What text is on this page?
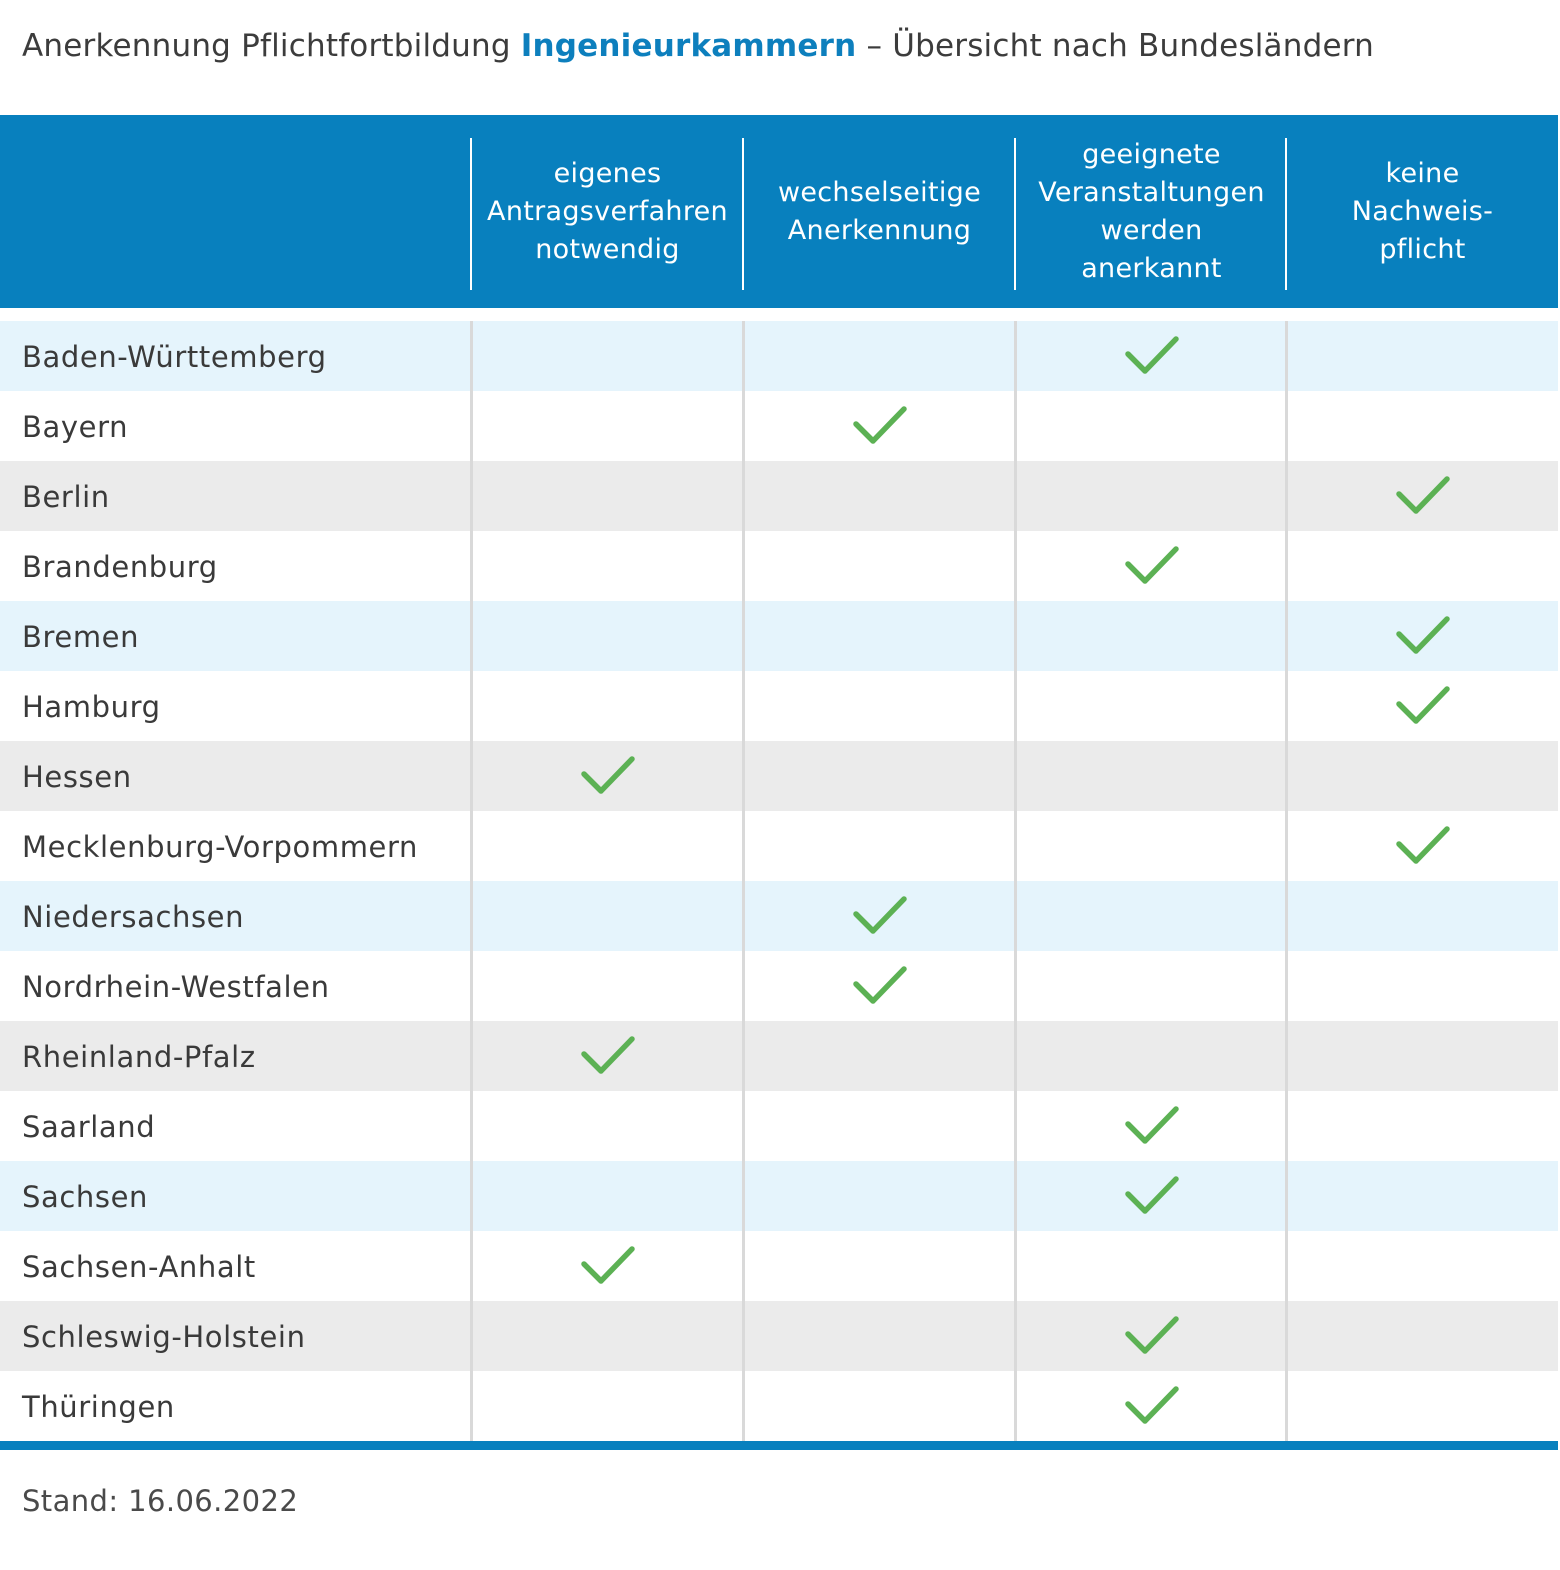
Anerkennung Pflichtfortbildung Ingenieurkammern – Übersicht nach Bundesländern
eigenes
Antragsverfahren
notwendig
wechselseitige
Anerkennung
geeignete
Veranstaltungen
werden
anerkannt
keine
Nachweis-
pflicht
Baden-Württemberg
Bayern
Berlin
Brandenburg
Bremen
Hamburg
Hessen
Mecklenburg-Vorpommern
Niedersachsen
Nordrhein-Westfalen
Rheinland-Pfalz
Saarland
Sachsen
Sachsen-Anhalt
Schleswig-Holstein
Thüringen
Stand: 16.06.2022
